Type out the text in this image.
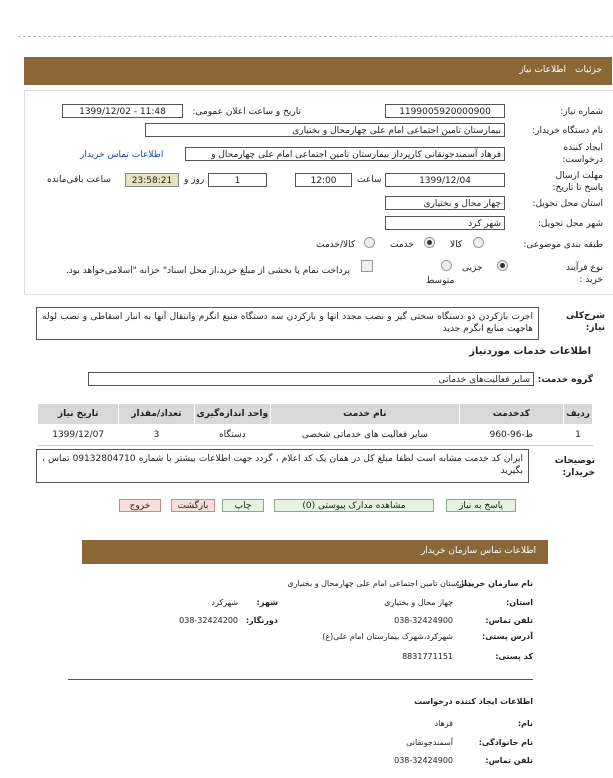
جزئیات
اطلاعات نیاز
شماره نیاز:
1199005920000900
تاریخ و ساعت اعلان عمومی:
1399/12/02 - 11:48
نام دستگاه خریدار:
بیمارستان تامین اجتماعی امام علی چهارمحال و بختیاری
ایجاد کننده درخواست:
فرهاد آسمندجونقانی کارپرداز بیمارستان تامین اجتماعی امام علی چهارمحال و
اطلاعات تماس خریدار
مهلت ارسال پاسخ تا تاریخ:
1399/12/04
ساعت
12:00
1
روز و
23:58:21
ساعت باقی‌مانده
استان محل تحویل:
چهار محال و بختیاری
شهر محل تحویل:
شهر کرد
طبقه بندی موضوعی:
کالا
خدمت
کالا/خدمت
نوع فرآیند خرید :
جزیی
متوسط
پرداخت تمام یا بخشی از مبلغ خرید،از محل اسناد" خزانه "اسلامی‌خواهد بود.
شرح‌کلی نیاز:
اجرت بازکردن دو دستگاه سختی گیر و نصب مجدد انها و بازکردن سه دستگاه منبع انگرم وانتقال آنها به انبار اسقاطی و نصب لوله هاجهت منابع انگرم جدید
اطلاعات خدمات موردنیاز
گروه خدمت:
سایر فعالیت‌های خدماتی
تاریخ نیاز	تعداد/مقدار	واحد اندازه‌گیری	نام خدمت	کدخدمت	ردیف
1399/12/07	3	دستگاه	سایر فعالیت های خدماتی شخصی	ط-96-960	1
توضیحات خریدار:
ایران کد خدمت مشابه است لطفا مبلغ کل در همان یک کد اعلام ، گردد جهت اطلاعات بیشتر با شماره 09132804710 تماس ، بگیرید
پاسخ به نیاز
مشاهده مدارک پیوستی (0)
چاپ
بازگشت
خروج
اطلاعات تماس سازمان خریدار
نام سازمان خریدار:
بیمارستان تامین اجتماعی امام علی چهارمحال و بختیاری
استان:
چهار محال و بختیاری
شهر:
شهرکرد
تلفن تماس:
038-32424900
دورنگار:
038-32424200
آدرس پستی:
شهرکرد،شهرک بیمارستان امام علی(ع)
کد پستی:
8831771151
اطلاعات ایجاد کننده درخواست
نام:
فرهاد
نام خانوادگی:
آسمندجونقانی
تلفن تماس:
038-32424900
